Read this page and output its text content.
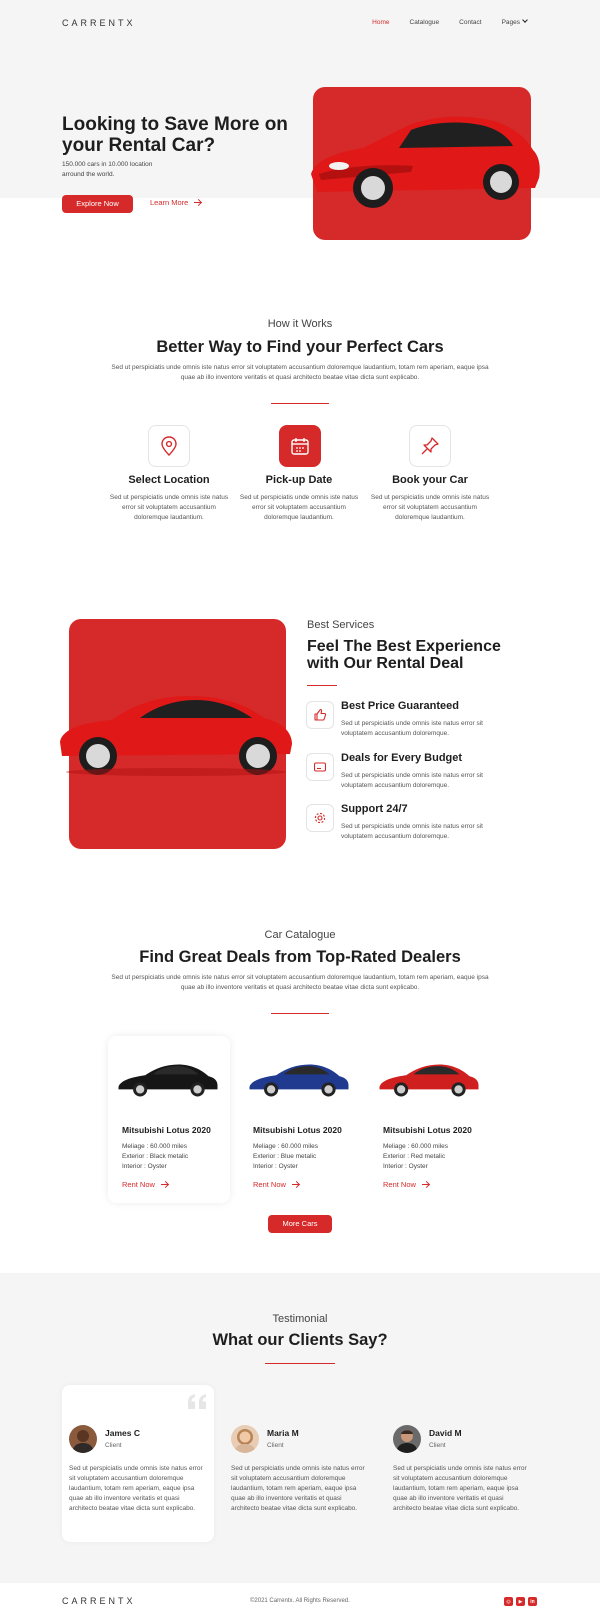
CARRENTX	Home	Catalogue	Contact	Pages
Looking to Save More on your Rental Car?
150.000 cars in 10.000 location arround the world.
Explore Now	Learn More
How it Works
Better Way to Find your Perfect Cars
Sed ut perspiciatis unde omnis iste natus error sit voluptatem accusantium doloremque laudantium, totam rem aperiam, eaque ipsa quae ab illo inventore veritatis et quasi architecto beatae vitae dicta sunt explicabo.
Select Location	Pick-up Date	Book your Car
Sed ut perspiciatis unde omnis iste natus error sit voluptatem accusantium doloremque laudantium.
Sed ut perspiciatis unde omnis iste natus error sit voluptatem accusantium doloremque laudantium.
Sed ut perspiciatis unde omnis iste natus error sit voluptatem accusantium doloremque laudantium.
Best Services
Feel The Best Experience with Our Rental Deal
Best Price Guaranteed
Sed ut perspiciatis unde omnis iste natus error sit voluptatem accusantium doloremque.
Deals for Every Budget
Sed ut perspiciatis unde omnis iste natus error sit voluptatem accusantium doloremque.
Support 24/7
Sed ut perspiciatis unde omnis iste natus error sit voluptatem accusantium doloremque.
Car Catalogue
Find Great Deals from Top-Rated Dealers
Sed ut perspiciatis unde omnis iste natus error sit voluptatem accusantium doloremque laudantium, totam rem aperiam, eaque ipsa quae ab illo inventore veritatis et quasi architecto beatae vitae dicta sunt explicabo.
Mitsubishi Lotus 2020
Meliage : 60.000 miles
Exterior : Black metalic
Interior : Oyster
Rent Now
Mitsubishi Lotus 2020
Meliage : 60.000 miles
Exterior : Blue metalic
Interior : Oyster
Rent Now
Mitsubishi Lotus 2020
Meliage : 60.000 miles
Exterior : Red metalic
Interior : Oyster
Rent Now
More Cars
Testimonial
What our Clients Say?
James C
Client
Sed ut perspiciatis unde omnis iste natus error sit voluptatem accusantium doloremque laudantium, totam rem aperiam, eaque ipsa quae ab illo inventore veritatis et quasi architecto beatae vitae dicta sunt explicabo.
Maria M
Client
Sed ut perspiciatis unde omnis iste natus error sit voluptatem accusantium doloremque laudantium, totam rem aperiam, eaque ipsa quae ab illo inventore veritatis et quasi architecto beatae vitae dicta sunt explicabo.
David M
Client
Sed ut perspiciatis unde omnis iste natus error sit voluptatem accusantium doloremque laudantium, totam rem aperiam, eaque ipsa quae ab illo inventore veritatis et quasi architecto beatae vitae dicta sunt explicabo.
CARRENTX	©2021 Carrentx. All Rights Reserved.	◎	▶	in
